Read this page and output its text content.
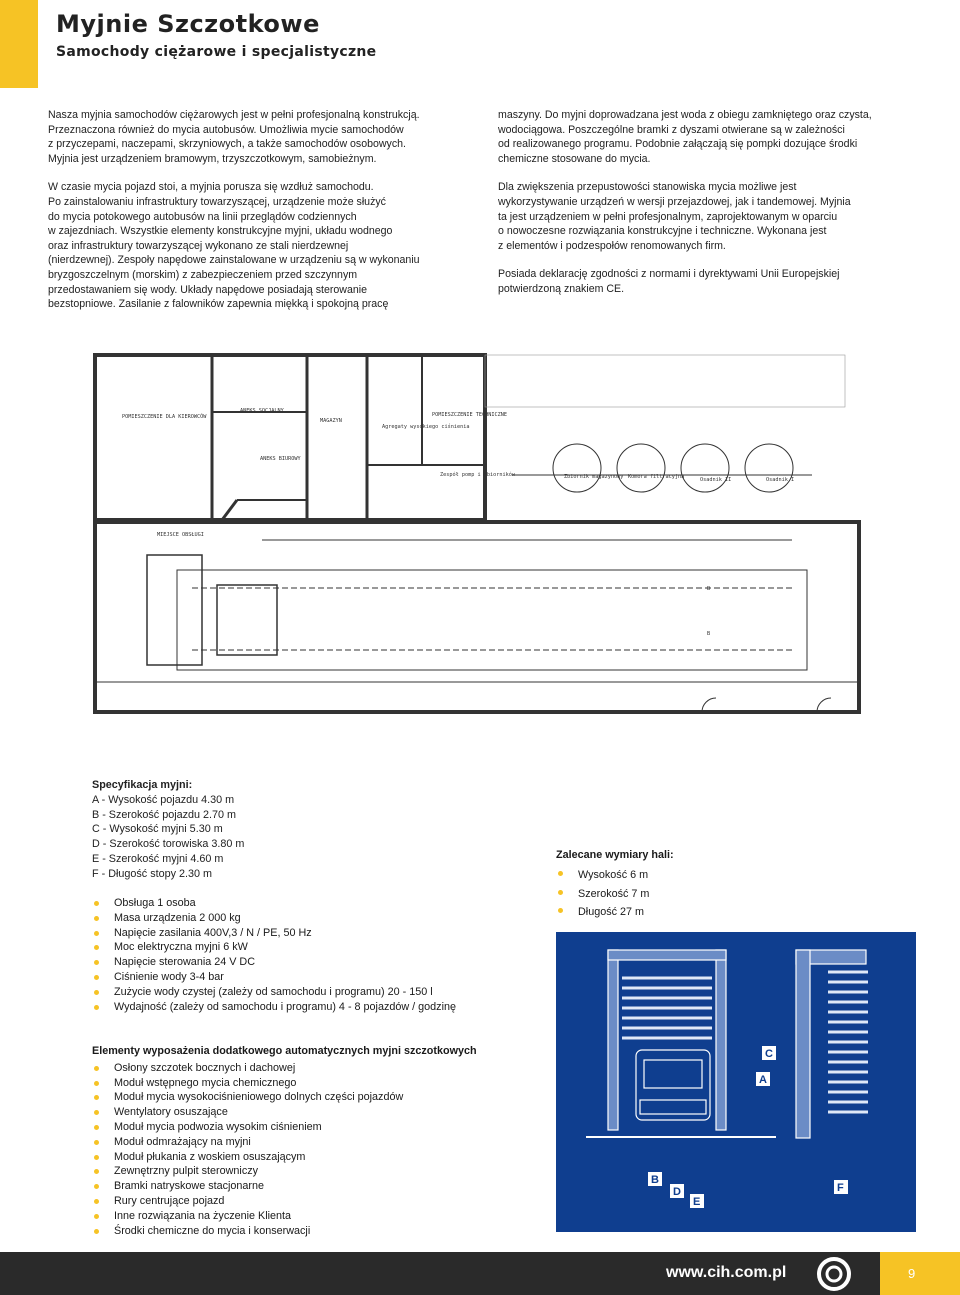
Myjnie Szczotkowe
Samochody ciężarowe i specjalistyczne

Nasza myjnia samochodów ciężarowych jest w pełni profesjonalną konstrukcją.
Przeznaczona również do mycia autobusów. Umożliwia mycie samochodów
z przyczepami, naczepami, skrzyniowych, a także samochodów osobowych.
Myjnia jest urządzeniem bramowym, trzyszczotkowym, samobieżnym.

W czasie mycia pojazd stoi, a myjnia porusza się wzdłuż samochodu.
Po zainstalowaniu infrastruktury towarzyszącej, urządzenie może służyć
do mycia potokowego autobusów na linii przeglądów codziennych
w zajezdniach. Wszystkie elementy konstrukcyjne myjni, układu wodnego
oraz infrastruktury towarzyszącej wykonano ze stali nierdzewnej
(nierdzewnej). Zespoły napędowe zainstalowane w urządzeniu są w wykonaniu
bryzgoszczelnym (morskim) z zabezpieczeniem przed szczynnym
przedostawaniem się wody. Układy napędowe posiadają sterowanie
bezstopniowe. Zasilanie z falowników zapewnia miękką i spokojną pracę

maszyny. Do myjni doprowadzana jest woda z obiegu zamkniętego oraz czysta,
wodociągowa. Poszczególne bramki z dyszami otwierane są w zależności
od realizowanego programu. Podobnie załączają się pompki dozujące środki
chemiczne stosowane do mycia.

Dla zwiększenia przepustowości stanowiska mycia możliwe jest
wykorzystywanie urządzeń w wersji przejazdowej, jak i tandemowej. Myjnia
ta jest urządzeniem w pełni profesjonalnym, zaprojektowanym w oparciu
o nowoczesne rozwiązania konstrukcyjne i techniczne. Wykonana jest
z elementów i podzespołów renomowanych firm.

Posiada deklarację zgodności z normami i dyrektywami Unii Europejskiej
potwierdzoną znakiem CE.

POMIESZCZENIE DLA KIEROWCÓW
ANEKS SOCJALNY
ANEKS BIUROWY
MAGAZYN
Agregaty wysokiego ciśnienia
POMIESZCZENIE TECHNICZNE
Zespół pomp i zbiorników	Zbiornik magazynowy Komora filtracyjna	Osadnik II	Osadnik I
MIEJSCE OBSŁUGI
B
B
Specyfikacja myjni:
A - Wysokość pojazdu 4.30 m
B - Szerokość pojazdu 2.70 m
C - Wysokość myjni 5.30 m
D - Szerokość torowiska 3.80 m
E - Szerokość myjni 4.60 m
F - Długość stopy 2.30 m
Obsługa 1 osoba
Masa urządzenia 2 000 kg
Napięcie zasilania 400V,3 / N / PE, 50 Hz
Moc elektryczna myjni 6 kW
Napięcie sterowania 24 V DC
Ciśnienie wody 3-4 bar
Zużycie wody czystej (zależy od samochodu i programu) 20 - 150 l
Wydajność (zależy od samochodu i programu) 4 - 8 pojazdów / godzinę
Zalecane wymiary hali:
Wysokość 6 m
Szerokość 7 m
Długość 27 m
Elementy wyposażenia dodatkowego automatycznych myjni szczotkowych
Osłony szczotek bocznych i dachowej
Moduł wstępnego mycia chemicznego
Moduł mycia wysokociśnieniowego dolnych części pojazdów
Wentylatory osuszające
Moduł mycia podwozia wysokim ciśnieniem
Moduł odmrażający na myjni
Moduł płukania z woskiem osuszającym
Zewnętrzny pulpit sterowniczy
Bramki natryskowe stacjonarne
Rury centrujące pojazd
Inne rozwiązania na życzenie Klienta
Środki chemiczne do mycia i konserwacji
A
C
B
D
E
F
www.cih.com.pl	9
